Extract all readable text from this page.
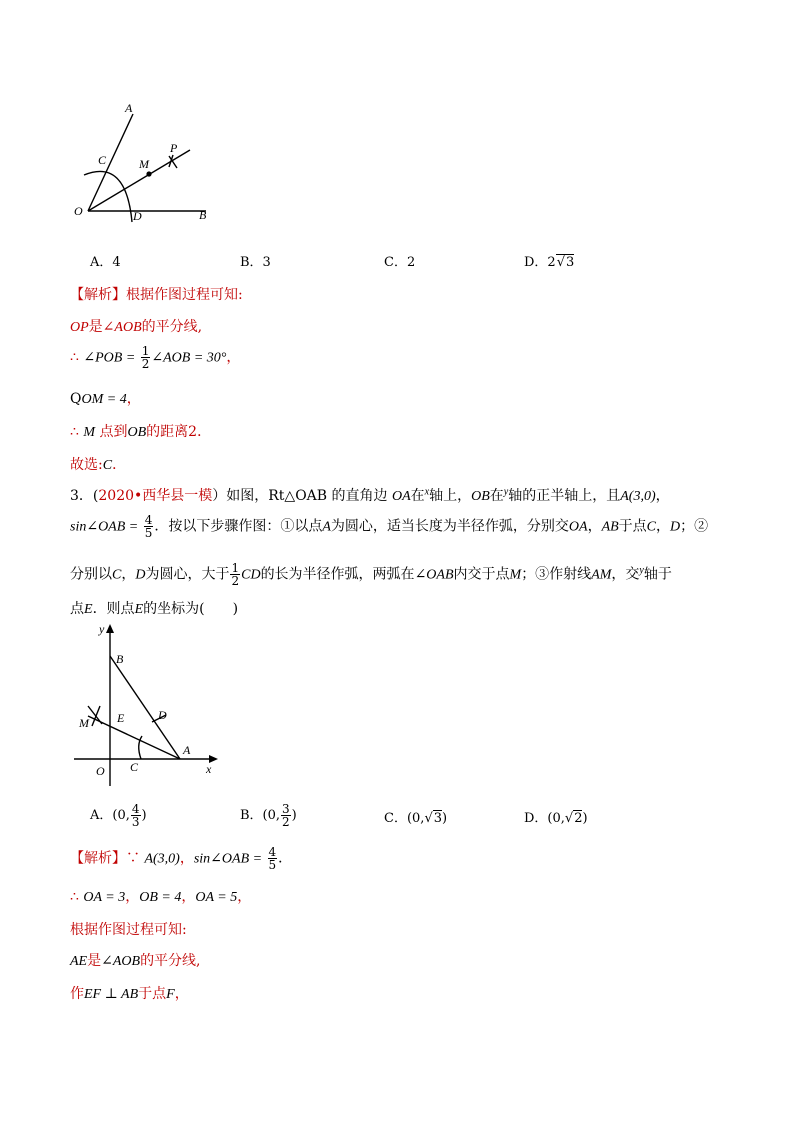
A
C	M
P
O	D	B
A．4	B．3	C．2	D．2√3
【解析】根据作图过程可知:
OP是∠AOB的平分线,
∴ ∠POB = $\frac{1}{2}$ ∠AOB = 30°，
QOM = 4，
∴ M 点到OB的距离2．
故选:C．
3．(2020•西华县一模）如图，Rt△OAB 的直角边 OA在$^x$轴上，OB在$^y$轴的正半轴上，且A(3,0)，
sin∠OAB = $\frac{4}{5}$ ．按以下步骤作图：①以点A为圆心，适当长度为半径作弧，分别交OA，AB于点C，D；②
分别以C，D为圆心，大于 $\frac{1}{2}$ CD的长为半径作弧，两弧在∠OAB内交于点M；③作射线AM，交$^y$轴于
点E．则点E的坐标为(　　)
y
B
D
M E
A
O C	x
A．(0, $\frac{4}{3}$ )	B．(0, $\frac{3}{2}$ )	C．(0,√3)	D．(0,√2)
【解析】∵ A(3,0)，sin∠OAB = $\frac{4}{5}$ ．
∴ OA = 3，OB = 4，OA = 5，
根据作图过程可知:
AE是∠AOB的平分线,
作EF ⊥ AB于点F，
